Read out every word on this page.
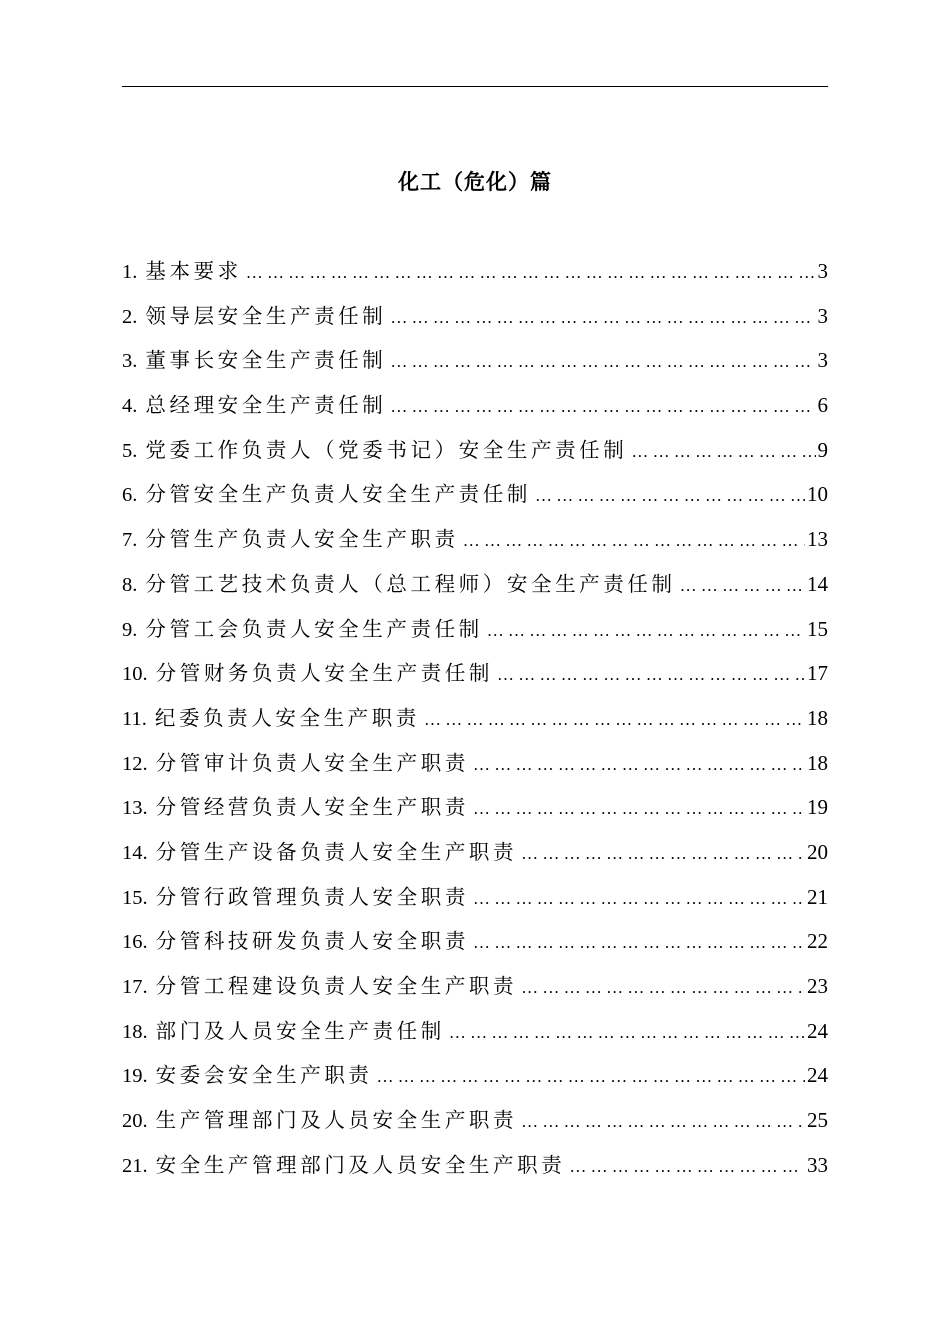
化工（危化）篇
1. 基本要求 … … … … … … … … … … … … … … … … … … … … … … … … … … … … … … … … … … … … … … … …	3
2. 领导层安全生产责任制 … … … … … … … … … … … … … … … … … … … … … … … … … … … … … … … … … … … … … … … …	3
3. 董事长安全生产责任制 … … … … … … … … … … … … … … … … … … … … … … … … … … … … … … … … … … … … … … … …	3
4. 总经理安全生产责任制 … … … … … … … … … … … … … … … … … … … … … … … … … … … … … … … … … … … … … … … …	6
5. 党委工作负责人（党委书记）安全生产责任制 … … … … … … … … … … … … … … … … … … … … … … … … … … … … … … … … … … … … … … … …	9
6. 分管安全生产负责人安全生产责任制 … … … … … … … … … … … … … … … … … … … … … … … … … … … … … … … … … … … … … … … …	10
7. 分管生产负责人安全生产职责 … … … … … … … … … … … … … … … … … … … … … … … … … … … … … … … … … … … … … … … …	13
8. 分管工艺技术负责人（总工程师）安全生产责任制 … … … … … … … … … … … … … … … … … … … … … … … … … … … … … … … … … … … … … … … …	14
9. 分管工会负责人安全生产责任制 … … … … … … … … … … … … … … … … … … … … … … … … … … … … … … … … … … … … … … … …	15
10. 分管财务负责人安全生产责任制 … … … … … … … … … … … … … … … … … … … … … … … … … … … … … … … … … … … … … … … …	17
11. 纪委负责人安全生产职责 … … … … … … … … … … … … … … … … … … … … … … … … … … … … … … … … … … … … … … … …	18
12. 分管审计负责人安全生产职责 … … … … … … … … … … … … … … … … … … … … … … … … … … … … … … … … … … … … … … … …	18
13. 分管经营负责人安全生产职责 … … … … … … … … … … … … … … … … … … … … … … … … … … … … … … … … … … … … … … … …	19
14. 分管生产设备负责人安全生产职责 … … … … … … … … … … … … … … … … … … … … … … … … … … … … … … … … … … … … … … … …	20
15. 分管行政管理负责人安全职责 … … … … … … … … … … … … … … … … … … … … … … … … … … … … … … … … … … … … … … … …	21
16. 分管科技研发负责人安全职责 … … … … … … … … … … … … … … … … … … … … … … … … … … … … … … … … … … … … … … … …	22
17. 分管工程建设负责人安全生产职责 … … … … … … … … … … … … … … … … … … … … … … … … … … … … … … … … … … … … … … … …	23
18. 部门及人员安全生产责任制 … … … … … … … … … … … … … … … … … … … … … … … … … … … … … … … … … … … … … … … …	24
19. 安委会安全生产职责 … … … … … … … … … … … … … … … … … … … … … … … … … … … … … … … … … … … … … … … …	24
20. 生产管理部门及人员安全生产职责 … … … … … … … … … … … … … … … … … … … … … … … … … … … … … … … … … … … … … … … …	25
21. 安全生产管理部门及人员安全生产职责 … … … … … … … … … … … … … … … … … … … … … … … … … … … … … … … … … … … … … … … …	33
